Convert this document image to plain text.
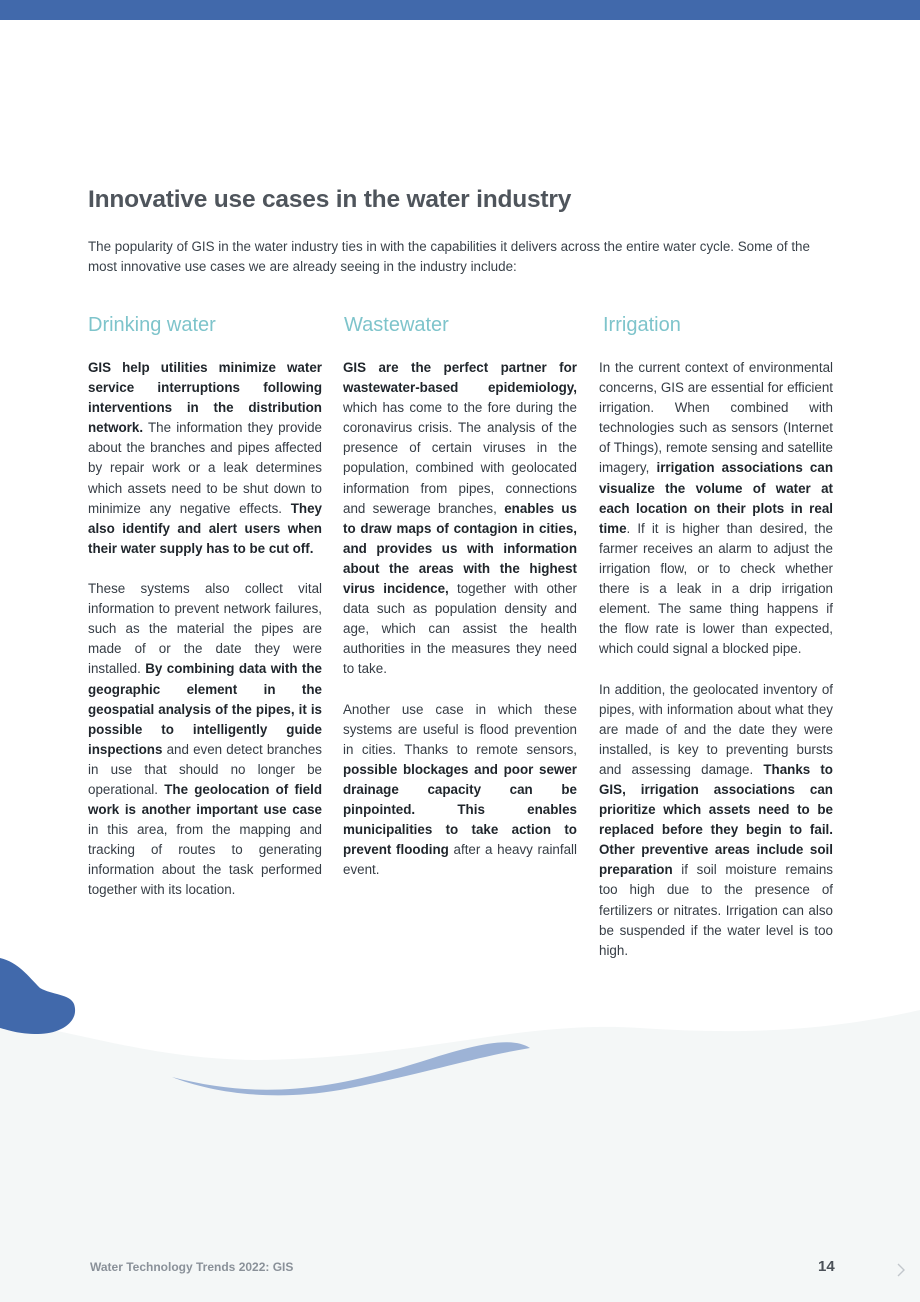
Innovative use cases in the water industry

The popularity of GIS in the water industry ties in with the capabilities it delivers across the entire water cycle. Some of the most innovative use cases we are already seeing in the industry include:

Drinking water	Wastewater	Irrigation

GIS help utilities minimize water service interruptions following interventions in the distribution network. The information they provide about the branches and pipes affected by repair work or a leak determines which assets need to be shut down to minimize any negative effects. They also identify and alert users when their water supply has to be cut off.

These systems also collect vital information to prevent network failures, such as the material the pipes are made of or the date they were installed. By combining data with the geographic element in the geospatial analysis of the pipes, it is possible to intelligently guide inspections and even detect branches in use that should no longer be operational. The geolocation of field work is another important use case in this area, from the mapping and tracking of routes to generating information about the task performed together with its location.

GIS are the perfect partner for wastewater-based epidemiology, which has come to the fore during the coronavirus crisis. The analysis of the presence of certain viruses in the population, combined with geolocated information from pipes, connections and sewerage branches, enables us to draw maps of contagion in cities, and provides us with information about the areas with the highest virus incidence, together with other data such as population density and age, which can assist the health authorities in the measures they need to take.

Another use case in which these systems are useful is flood prevention in cities. Thanks to remote sensors, possible blockages and poor sewer drainage capacity can be pinpointed. This enables municipalities to take action to prevent flooding after a heavy rainfall event.

In the current context of environmental concerns, GIS are essential for efficient irrigation. When combined with technologies such as sensors (Internet of Things), remote sensing and satellite imagery, irrigation associations can visualize the volume of water at each location on their plots in real time. If it is higher than desired, the farmer receives an alarm to adjust the irrigation flow, or to check whether there is a leak in a drip irrigation element. The same thing happens if the flow rate is lower than expected, which could signal a blocked pipe.

In addition, the geolocated inventory of pipes, with information about what they are made of and the date they were installed, is key to preventing bursts and assessing damage. Thanks to GIS, irrigation associations can prioritize which assets need to be replaced before they begin to fail. Other preventive areas include soil preparation if soil moisture remains too high due to the presence of fertilizers or nitrates. Irrigation can also be suspended if the water level is too high.

Water Technology Trends 2022: GIS	14
